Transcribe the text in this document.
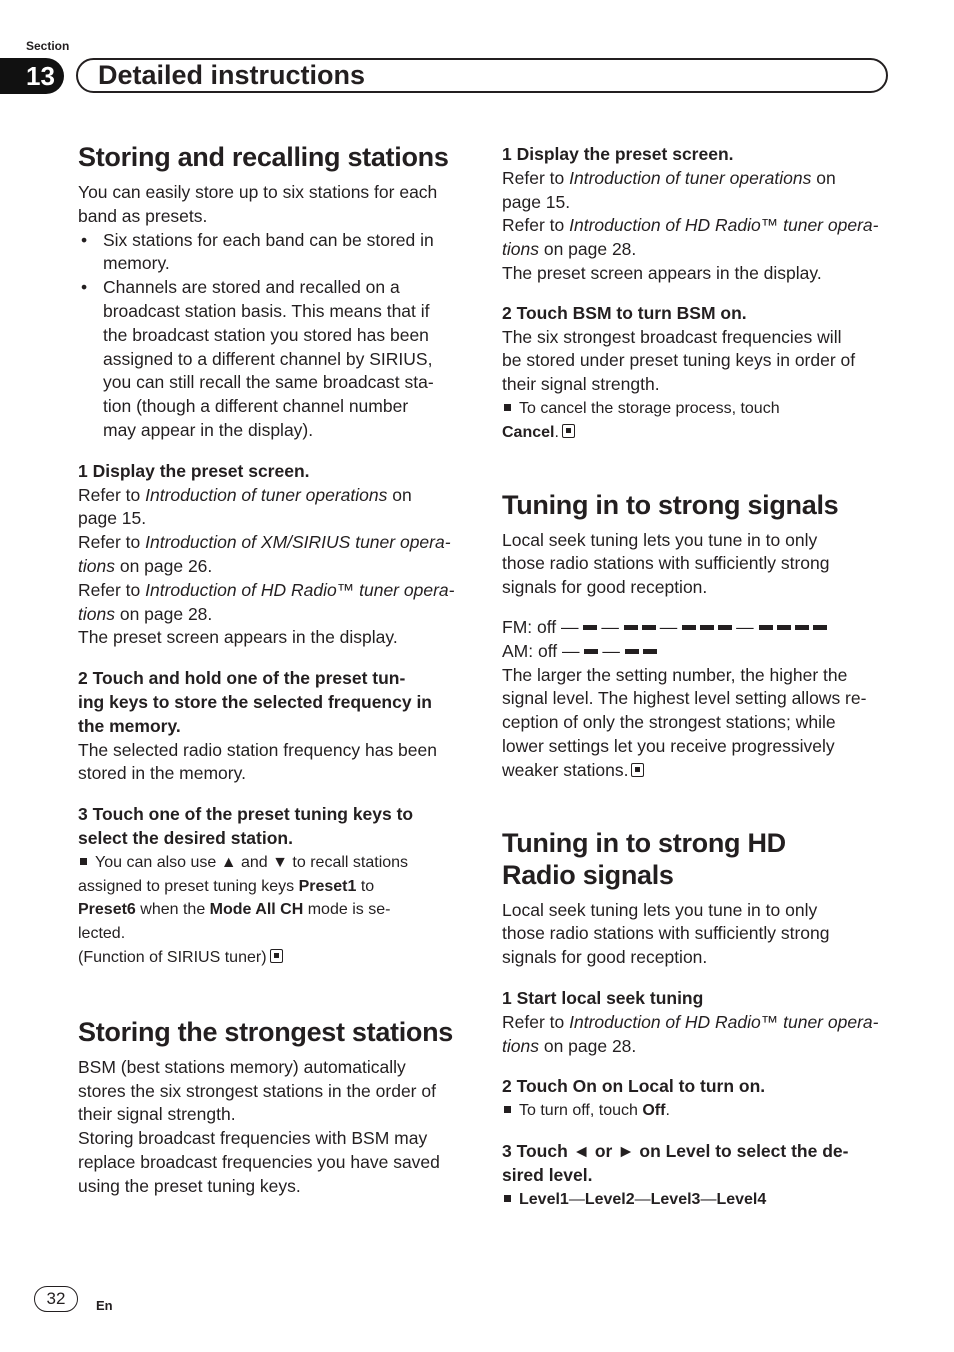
Section
13	Detailed instructions
Storing and recalling stations

You can easily store up to six stations for each

band as presets.

• Six stations for each band can be stored in
memory.
• Channels are stored and recalled on a
broadcast station basis. This means that if
the broadcast station you stored has been
assigned to a different channel by SIRIUS,
you can still recall the same broadcast sta-
tion (though a different channel number
may appear in the display).

1 Display the preset screen.

Refer to Introduction of tuner operations on

page 15.

Refer to Introduction of XM/SIRIUS tuner opera-

tions on page 26.

Refer to Introduction of HD Radio™ tuner opera-

tions on page 28.

The preset screen appears in the display.

2 Touch and hold one of the preset tun-

ing keys to store the selected frequency in

the memory.

The selected radio station frequency has been

stored in the memory.

3 Touch one of the preset tuning keys to

select the desired station.

You can also use ▲ and ▼ to recall stations

assigned to preset tuning keys Preset1 to

Preset6 when the Mode All CH mode is se-

lected.

(Function of SIRIUS tuner)

Storing the strongest stations

BSM (best stations memory) automatically

stores the six strongest stations in the order of

their signal strength.

Storing broadcast frequencies with BSM may

replace broadcast frequencies you have saved

using the preset tuning keys.

1 Display the preset screen.

Refer to Introduction of tuner operations on

page 15.

Refer to Introduction of HD Radio™ tuner opera-

tions on page 28.

The preset screen appears in the display.

2 Touch BSM to turn BSM on.

The six strongest broadcast frequencies will

be stored under preset tuning keys in order of

their signal strength.

To cancel the storage process, touch

Cancel.

Tuning in to strong signals

Local seek tuning lets you tune in to only

those radio stations with sufficiently strong

signals for good reception.

FM: off — — —	—

AM: off — —

The larger the setting number, the higher the

signal level. The highest level setting allows re-

ception of only the strongest stations; while

lower settings let you receive progressively

weaker stations.

Tuning in to strong HD
Radio signals

Local seek tuning lets you tune in to only

those radio stations with sufficiently strong

signals for good reception.

1 Start local seek tuning

Refer to Introduction of HD Radio™ tuner opera-

tions on page 28.

2 Touch On on Local to turn on.

To turn off, touch Off.

3 Touch ◄ or ► on Level to select the de-

sired level.

Level1—Level2—Level3—Level4

32	En
